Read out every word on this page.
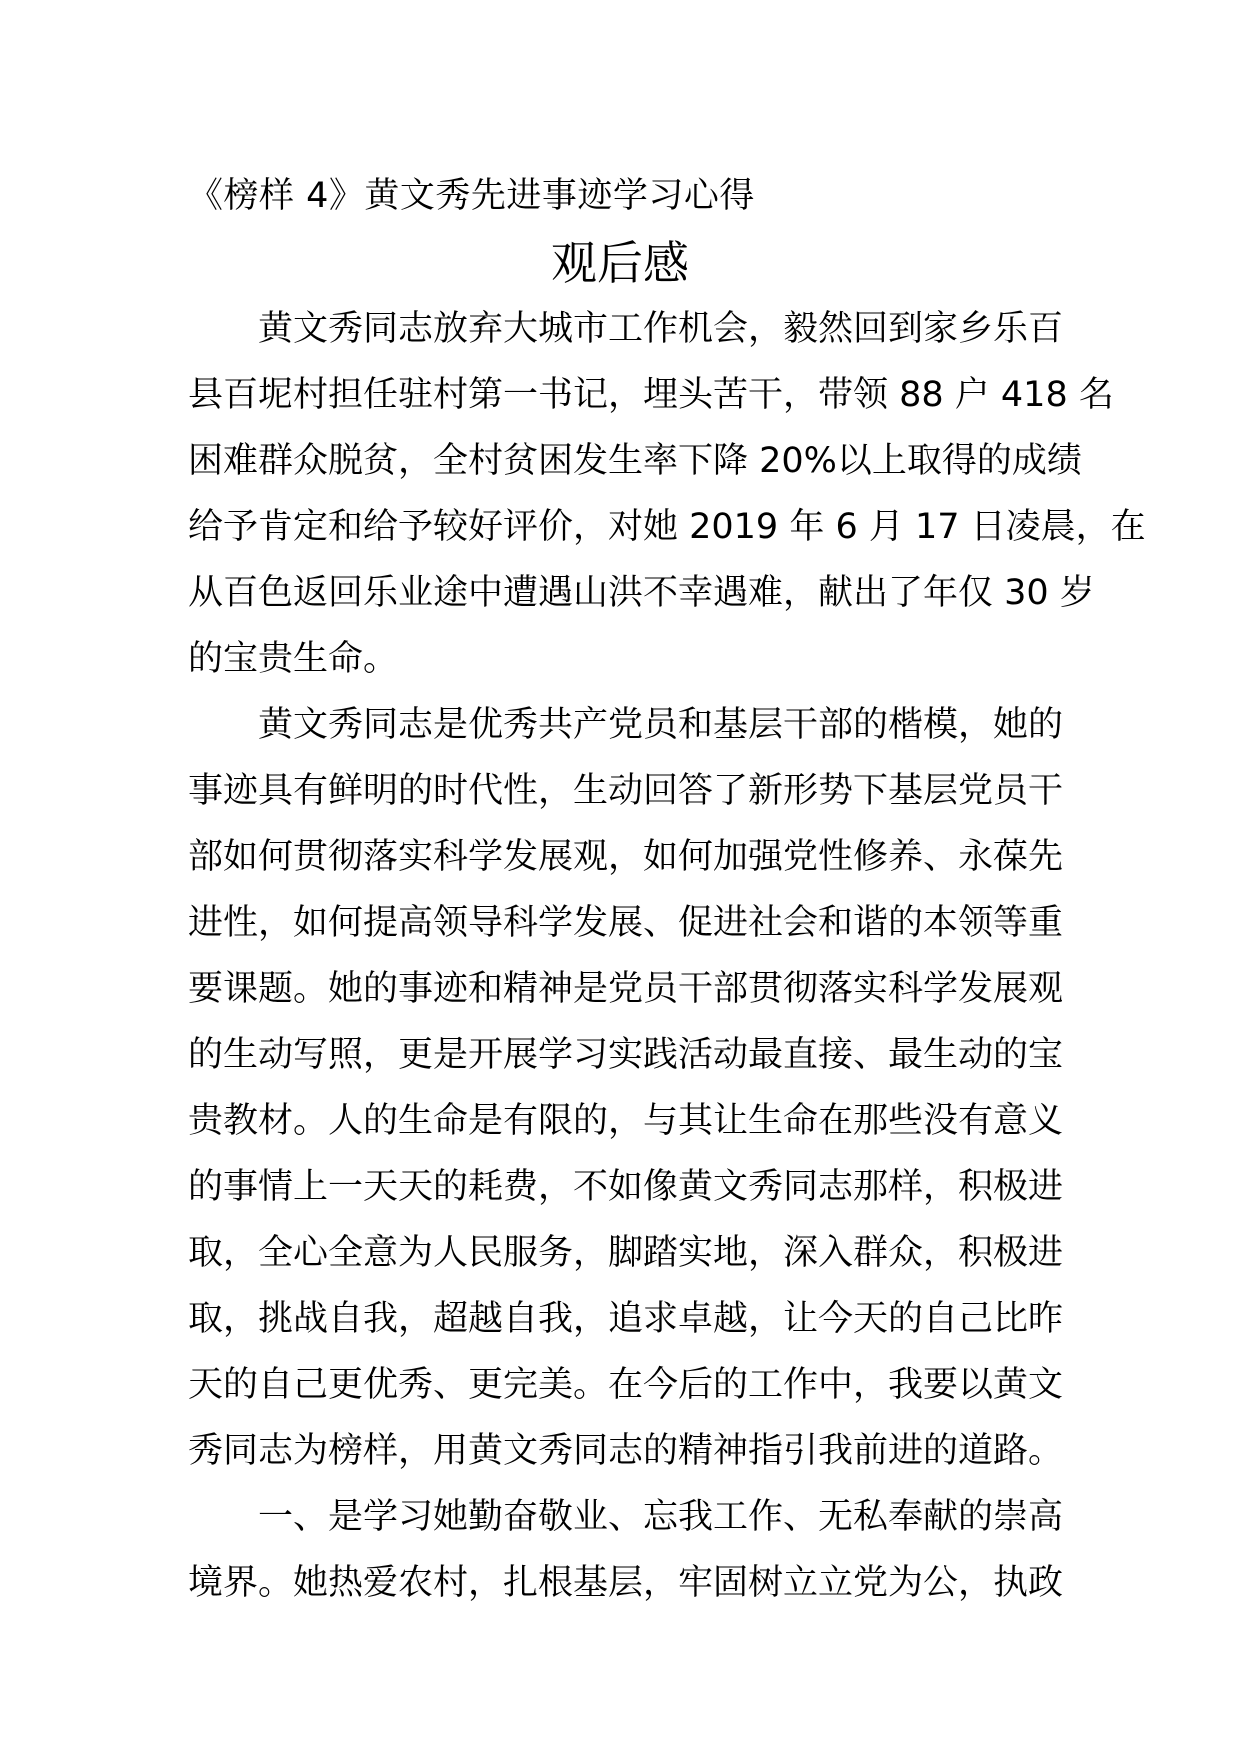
《榜样 4》黄文秀先进事迹学习心得
观后感
黄文秀同志放弃大城市工作机会，毅然回到家乡乐百
县百坭村担任驻村第一书记，埋头苦干，带领 88 户 418 名
困难群众脱贫，全村贫困发生率下降 20%以上取得的成绩
给予肯定和给予较好评价，对她 2019 年 6 月 17 日凌晨，在
从百色返回乐业途中遭遇山洪不幸遇难，献出了年仅 30 岁
的宝贵生命。
黄文秀同志是优秀共产党员和基层干部的楷模，她的
事迹具有鲜明的时代性，生动回答了新形势下基层党员干
部如何贯彻落实科学发展观，如何加强党性修养、永葆先
进性，如何提高领导科学发展、促进社会和谐的本领等重
要课题。她的事迹和精神是党员干部贯彻落实科学发展观
的生动写照，更是开展学习实践活动最直接、最生动的宝
贵教材。人的生命是有限的，与其让生命在那些没有意义
的事情上一天天的耗费，不如像黄文秀同志那样，积极进
取，全心全意为人民服务，脚踏实地，深入群众，积极进
取，挑战自我，超越自我，追求卓越，让今天的自己比昨
天的自己更优秀、更完美。在今后的工作中，我要以黄文
秀同志为榜样，用黄文秀同志的精神指引我前进的道路。
一、是学习她勤奋敬业、忘我工作、无私奉献的崇高
境界。她热爱农村，扎根基层，牢固树立立党为公，执政
